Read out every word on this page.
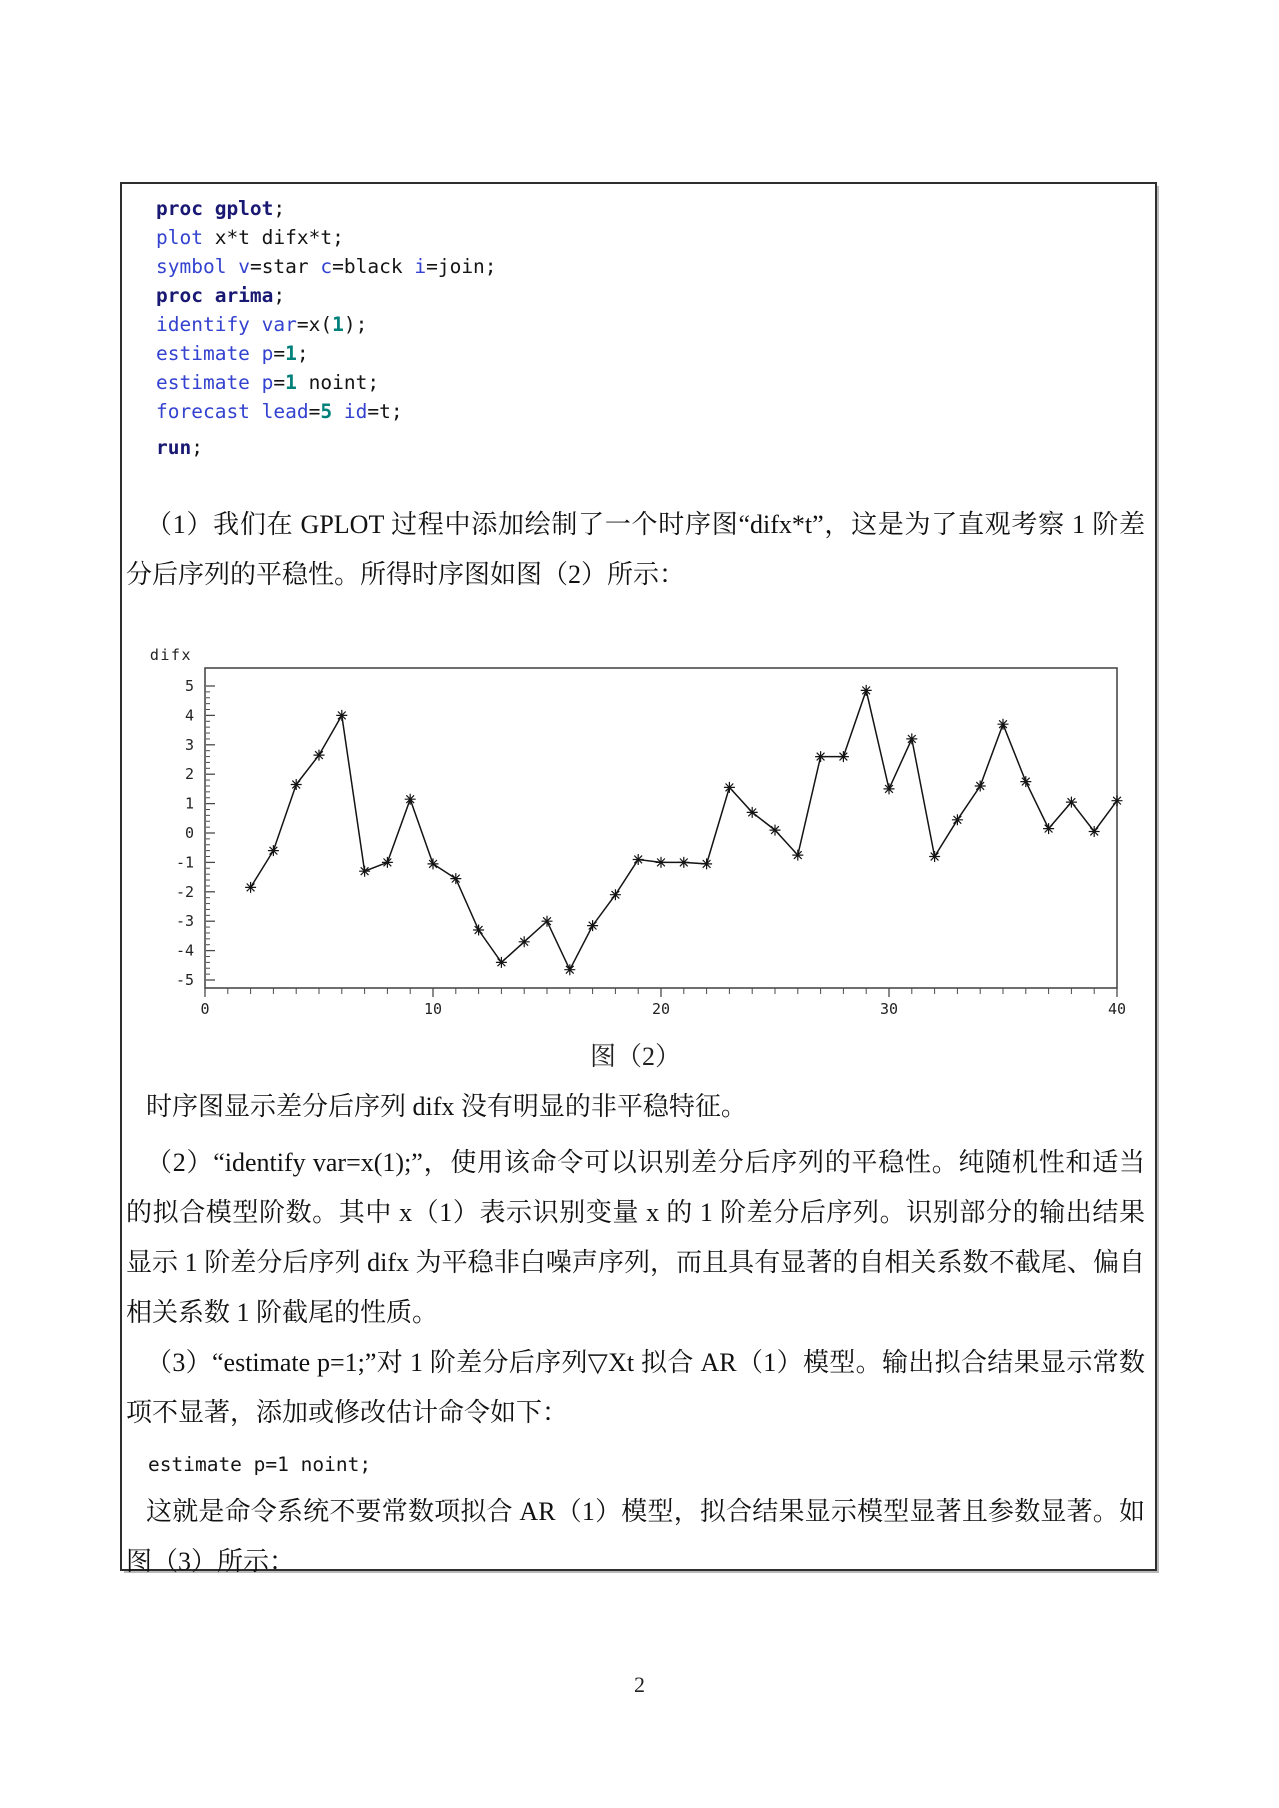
proc gplot;
plot x*t difx*t;
symbol v=star c=black i=join;
proc arima;
identify var=x(1);
estimate p=1;
estimate p=1 noint;
forecast lead=5 id=t;
run;

（1）我们在 GPLOT 过程中添加绘制了一个时序图“difx*t”，这是为了直观考察 1 阶差分后序列的平稳性。所得时序图如图（2）所示：

difx
-5
-4
-3
-2
-1
0
1
2
3
4
5
0	10	20	30	40
图（2）

时序图显示差分后序列 difx 没有明显的非平稳特征。

（2）“identify var=x(1);”，使用该命令可以识别差分后序列的平稳性。纯随机性和适当的拟合模型阶数。其中 x（1）表示识别变量 x 的 1 阶差分后序列。识别部分的输出结果显示 1 阶差分后序列 difx 为平稳非白噪声序列，而且具有显著的自相关系数不截尾、偏自相关系数 1 阶截尾的性质。

（3）“estimate p=1;”对 1 阶差分后序列▽Xt 拟合 AR（1）模型。输出拟合结果显示常数项不显著，添加或修改估计命令如下：

estimate p=1 noint;

这就是命令系统不要常数项拟合 AR（1）模型，拟合结果显示模型显著且参数显著。如图（3）所示：

2
